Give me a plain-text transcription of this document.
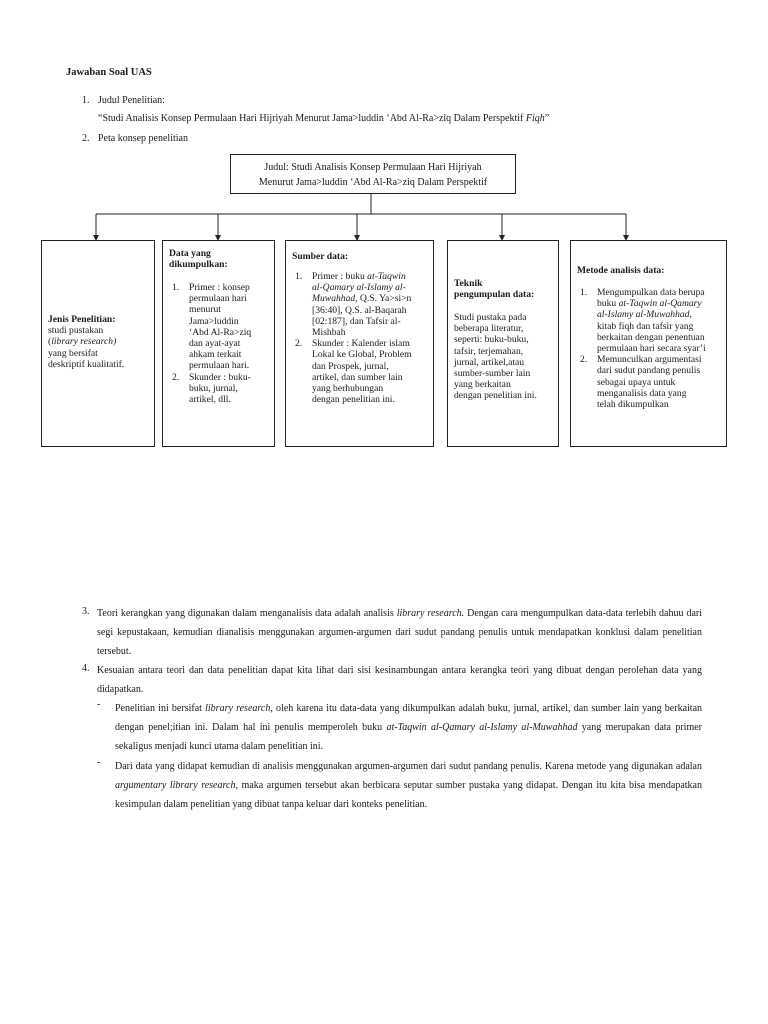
Jawaban Soal UAS
1. Judul Penelitian:
“Studi Analisis Konsep Permulaan Hari Hijriyah Menurut Jama>luddin ‘Abd Al-Ra>ziq Dalam Perspektif Fiqh”
2. Peta konsep penelitian
Judul: Studi Analisis Konsep Permulaan Hari Hijriyah
Menurut Jama>luddin ‘Abd Al-Ra>ziq Dalam Perspektif
Jenis Penelitian:
studi pustakan
(library research)
yang bersifat
deskriptif kualitatif.
Data yang
dikumpulkan:
1. Primer : konsep
permulaan hari
menurut
Jama>luddin
‘Abd Al-Ra>ziq
dan ayat-ayat
ahkam terkait
permulaan hari.
2. Skunder : buku-
buku, jurnal,
artikel, dll.
Sumber data:
1. Primer : buku at-Taqwin
al-Qamary al-Islamy al-
Muwahhad, Q.S. Ya>si>n
[36:40], Q.S. al-Baqarah
[02:187], dan Tafsir al-
Mishbah
2. Skunder : Kalender islam
Lokal ke Global, Problem
dan Prospek, jurnal,
artikel, dan sumber lain
yang berhubungan
dengan penelitian ini.
Teknik
pengumpulan data:
Studi pustaka pada
beberapa literatur,
seperti: buku-buku,
tafsir, terjemahan,
jurnal, artikel,atau
sumber-sumber lain
yang berkaitan
dengan penelitian ini.
Metode analisis data:
1. Mengumpulkan data berupa
buku at-Taqwin al-Qamary
al-Islamy al-Muwahhad,
kitab fiqh dan tafsir yang
berkaitan dengan penentuan
permulaan hari secara syar’i
2. Memunculkan argumentasi
dari sudut pandang penulis
sebagai upaya untuk
menganalisis data yang
telah dikumpulkan
3. Teori kerangkan yang digunakan dalam menganalisis data adalah analisis library research. Dengan cara mengumpulkan data-data terlebih dahuu dari segi kepustakaan, kemudian dianalisis menggunakan argumen-argumen dari sudut pandang penulis untuk mendapatkan konklusi dalam penelitian tersebut.
4. Kesuaian antara teori dan data penelitian dapat kita lihat dari sisi kesinambungan antara kerangka teori yang dibuat dengan perolehan data yang didapatkan.
-	Penelitian ini bersifat library research, oleh karena itu data-data yang dikumpulkan adalah buku, jurnal, artikel, dan sumber lain yang berkaitan dengan penel;itian ini. Dalam hal ini penulis memperoleh buku at-Taqwin al-Qamary al-Islamy al-Muwahhad yang merupakan data primer sekaligus menjadi kunci utama dalam penelitian ini.
-	Dari data yang didapat kemudian di analisis menggunakan argumen-argumen dari sudut pandang penulis. Karena metode yang digunakan adalan argumentary library research, maka argumen tersebut akan berbicara seputar sumber pustaka yang didapat. Dengan itu kita bisa mendapatkan kesimpulan dalam penelitian yang dibuat tanpa keluar dari konteks penelitian.
